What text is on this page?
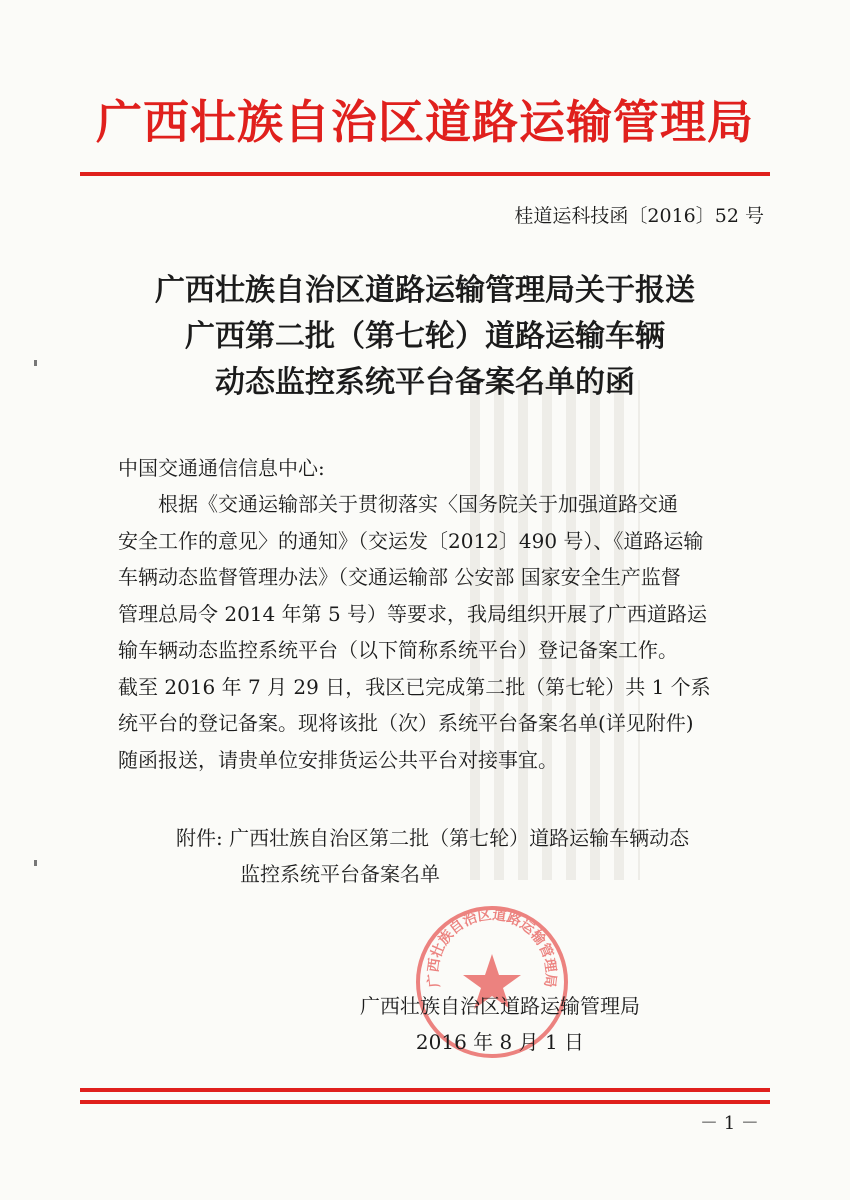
广西壮族自治区道路运输管理局
桂道运科技函〔2016〕52 号
广西壮族自治区道路运输管理局关于报送
广西第二批（第七轮）道路运输车辆
动态监控系统平台备案名单的函
中国交通通信信息中心:
根据《交通运输部关于贯彻落实〈国务院关于加强道路交通
安全工作的意见〉的通知》（交运发〔2012〕490 号）、《道路运输
车辆动态监督管理办法》（交通运输部 公安部 国家安全生产监督
管理总局令 2014 年第 5 号）等要求，我局组织开展了广西道路运
输车辆动态监控系统平台（以下简称系统平台）登记备案工作。
截至 2016 年 7 月 29 日，我区已完成第二批（第七轮）共 1 个系
统平台的登记备案。现将该批（次）系统平台备案名单(详见附件)
随函报送，请贵单位安排货运公共平台对接事宜。
附件: 广西壮族自治区第二批（第七轮）道路运输车辆动态
监控系统平台备案名单
广西壮族自治区道路运输管理局
广西壮族自治区道路运输管理局
2016 年 8 月 1 日
－ 1 －
